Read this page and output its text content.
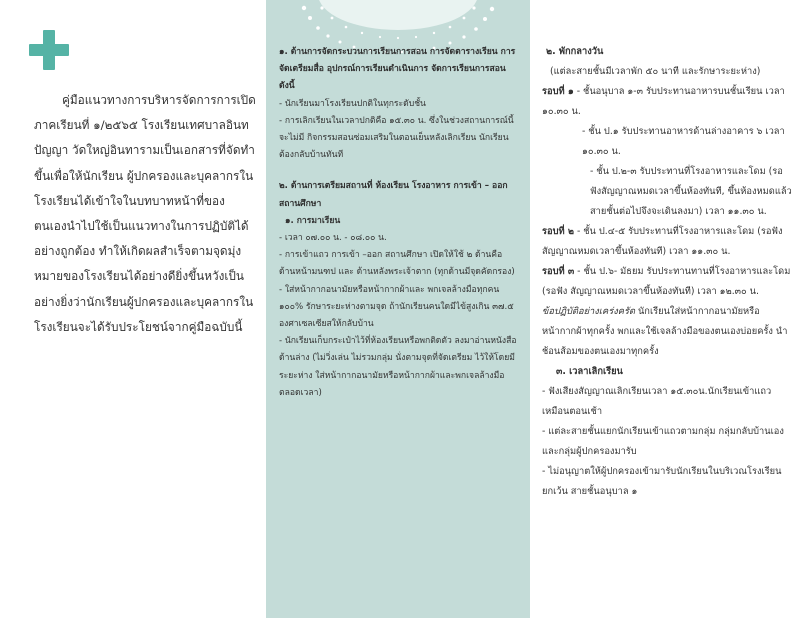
คู่มือแนวทางการบริหารจัดการการเปิดภาคเรียนที่ ๑/๒๕๖๕ โรงเรียนเทศบาลอินทปัญญา วัดใหญ่อินทารามเป็นเอกสารที่จัดทำขึ้นเพื่อให้นักเรียน ผู้ปกครองและบุคลากรในโรงเรียนได้เข้าใจในบทบาทหน้าที่ของตนเองนำไปใช้เป็นแนวทางในการปฏิบัติได้อย่างถูกต้อง ทำให้เกิดผลสำเร็จตามจุดมุ่งหมายของโรงเรียนได้อย่างดียิ่งขึ้นหวังเป็นอย่างยิ่งว่านักเรียนผู้ปกครองและบุคลากรในโรงเรียนจะได้รับประโยชน์จากคู่มือฉบับนี้

๑. ด้านการจัดกระบวนการเรียนการสอน การจัดตารางเรียน การจัดเตรียมสื่อ อุปกรณ์การเรียนดำเนินการ จัดการเรียนการสอนดังนี้
- นักเรียนมาโรงเรียนปกติในทุกระดับชั้น
- การเลิกเรียนในเวลาปกติคือ ๑๕.๓๐ น. ซึ่งในช่วงสถานการณ์นี้จะไม่มี กิจกรรมสอนซ่อมเสริมในตอนเย็นหลังเลิกเรียน นักเรียนต้องกลับบ้านทันที
๒. ด้านการเตรียมสถานที่ ห้องเรียน โรงอาหาร การเข้า – ออก สถานศึกษา
๑. การมาเรียน
- เวลา ๐๗.๐๐ น. - ๐๘.๐๐ น.
- การเข้าแถว การเข้า –ออก สถานศึกษา เปิดให้ใช้ ๒ ด้านคือ ด้านหน้ามนฑป และ ด้านหลังพระเจ้าตาก (ทุกด้านมีจุดคัดกรอง)
- ใส่หน้ากากอนามัยหรือหน้ากากผ้าและ พกเจลล้างมือทุกคน ๑๐๐% รักษาระยะห่างตามจุด ถ้านักเรียนคนใดมีไข้สูงเกิน ๓๗.๕ องศาเซลเซียสให้กลับบ้าน
- นักเรียนเก็บกระเป๋าไว้ที่ห้องเรียนหรือพกติดตัว ลงมาอ่านหนังสือด้านล่าง (ไม่วิ่งเล่น ไม่รวมกลุ่ม นั่งตามจุดที่จัดเตรียม ไว้ให้โดยมีระยะห่าง ใส่หน้ากากอนามัยหรือหน้ากากผ้าและพกเจลล้างมือตลอดเวลา)
๒. พักกลางวัน
(แต่ละสายชั้นมีเวลาพัก ๕๐ นาที และรักษาระยะห่าง)
รอบที่ ๑ - ชั้นอนุบาล ๑-๓ รับประทานอาหารบนชั้นเรียน เวลา ๑๐.๓๐ น.
- ชั้น ป.๑ รับประทานอาหารด้านล่างอาคาร ๖ เวลา ๑๐.๓๐ น.
- ชั้น ป.๒-๓ รับประทานที่โรงอาหารและโดม (รอฟังสัญญาณหมดเวลาขึ้นห้องทันที, ขึ้นห้องหมดแล้วสายชั้นต่อไปจึงจะเดินลงมา) เวลา ๑๑.๓๐ น.
รอบที่ ๒ - ชั้น ป.๔-๕ รับประทานที่โรงอาหารและโดม (รอฟังสัญญาณหมดเวลาขึ้นห้องทันที) เวลา ๑๑.๓๐ น.
รอบที่ ๓ - ชั้น ป.๖- มัธยม รับประทานทานที่โรงอาหารและโดม (รอฟัง สัญญาณหมดเวลาขึ้นห้องทันที) เวลา ๑๒.๓๐ น.
ข้อปฏิบัติอย่างเคร่งครัด นักเรียนใส่หน้ากากอนามัยหรือหน้ากากผ้าทุกครั้ง พกและใช้เจลล้างมือของตนเองบ่อยครั้ง นำช้อนส้อมของตนเองมาทุกครั้ง
๓. เวลาเลิกเรียน
- ฟังเสียงสัญญาณเลิกเรียนเวลา ๑๕.๓๐น.นักเรียนเข้าแถวเหมือนตอนเช้า
- แต่ละสายชั้นแยกนักเรียนเข้าแถวตามกลุ่ม กลุ่มกลับบ้านเองและกลุ่มผู้ปกครองมารับ
- ไม่อนุญาตให้ผู้ปกครองเข้ามารับนักเรียนในบริเวณโรงเรียนยกเว้น สายชั้นอนุบาล ๑
